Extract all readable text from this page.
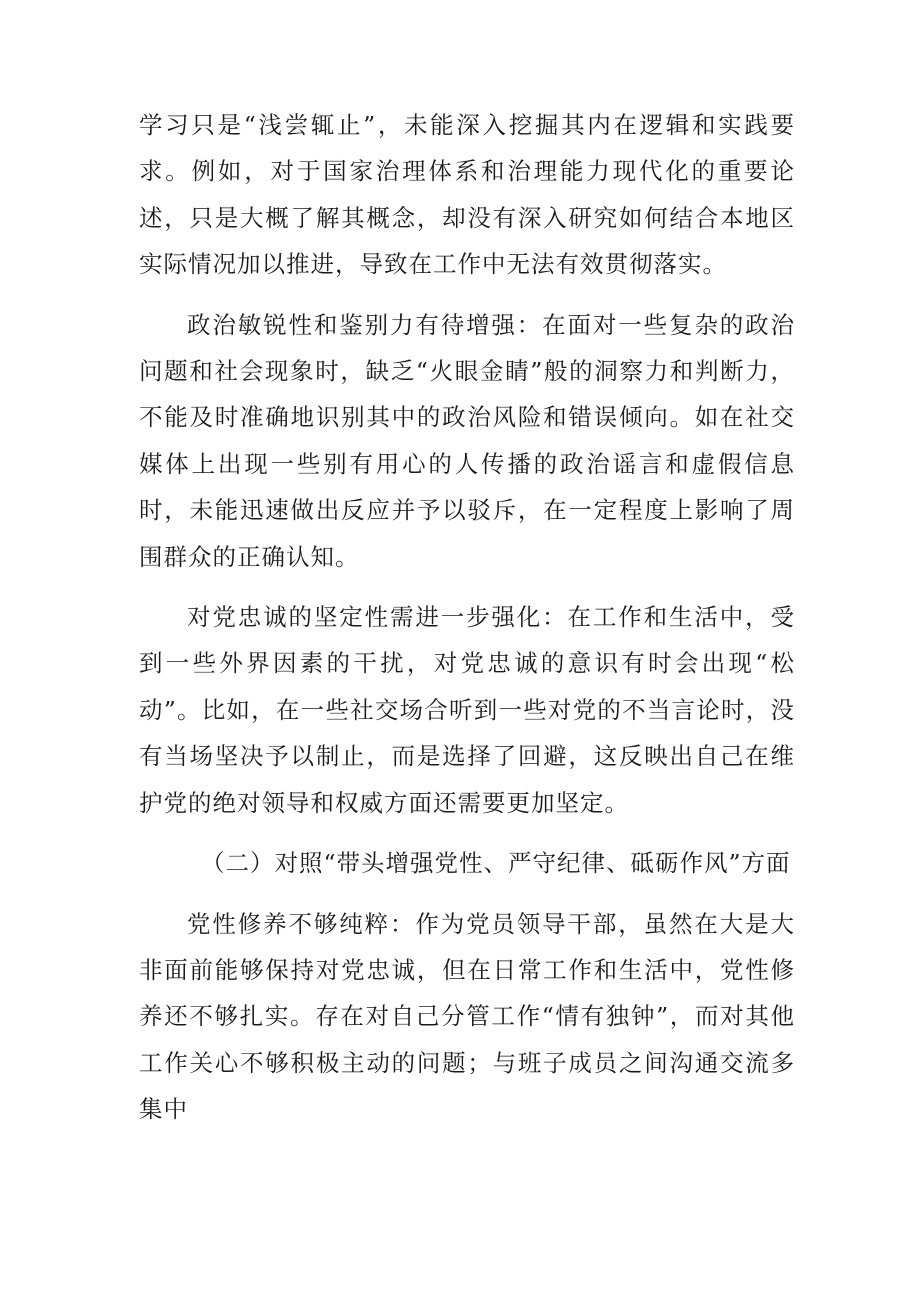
学习只是“浅尝辄止”，未能深入挖掘其内在逻辑和实践要求。例如，对于国家治理体系和治理能力现代化的重要论述，只是大概了解其概念，却没有深入研究如何结合本地区实际情况加以推进，导致在工作中无法有效贯彻落实。

政治敏锐性和鉴别力有待增强：在面对一些复杂的政治问题和社会现象时，缺乏“火眼金睛”般的洞察力和判断力，不能及时准确地识别其中的政治风险和错误倾向。如在社交媒体上出现一些别有用心的人传播的政治谣言和虚假信息时，未能迅速做出反应并予以驳斥，在一定程度上影响了周围群众的正确认知。

对党忠诚的坚定性需进一步强化：在工作和生活中，受到一些外界因素的干扰，对党忠诚的意识有时会出现“松动”。比如，在一些社交场合听到一些对党的不当言论时，没有当场坚决予以制止，而是选择了回避，这反映出自己在维护党的绝对领导和权威方面还需要更加坚定。

（二）对照“带头增强党性、严守纪律、砥砺作风”方面

党性修养不够纯粹：作为党员领导干部，虽然在大是大非面前能够保持对党忠诚，但在日常工作和生活中，党性修养还不够扎实。存在对自己分管工作“情有独钟”，而对其他工作关心不够积极主动的问题；与班子成员之间沟通交流多集中
